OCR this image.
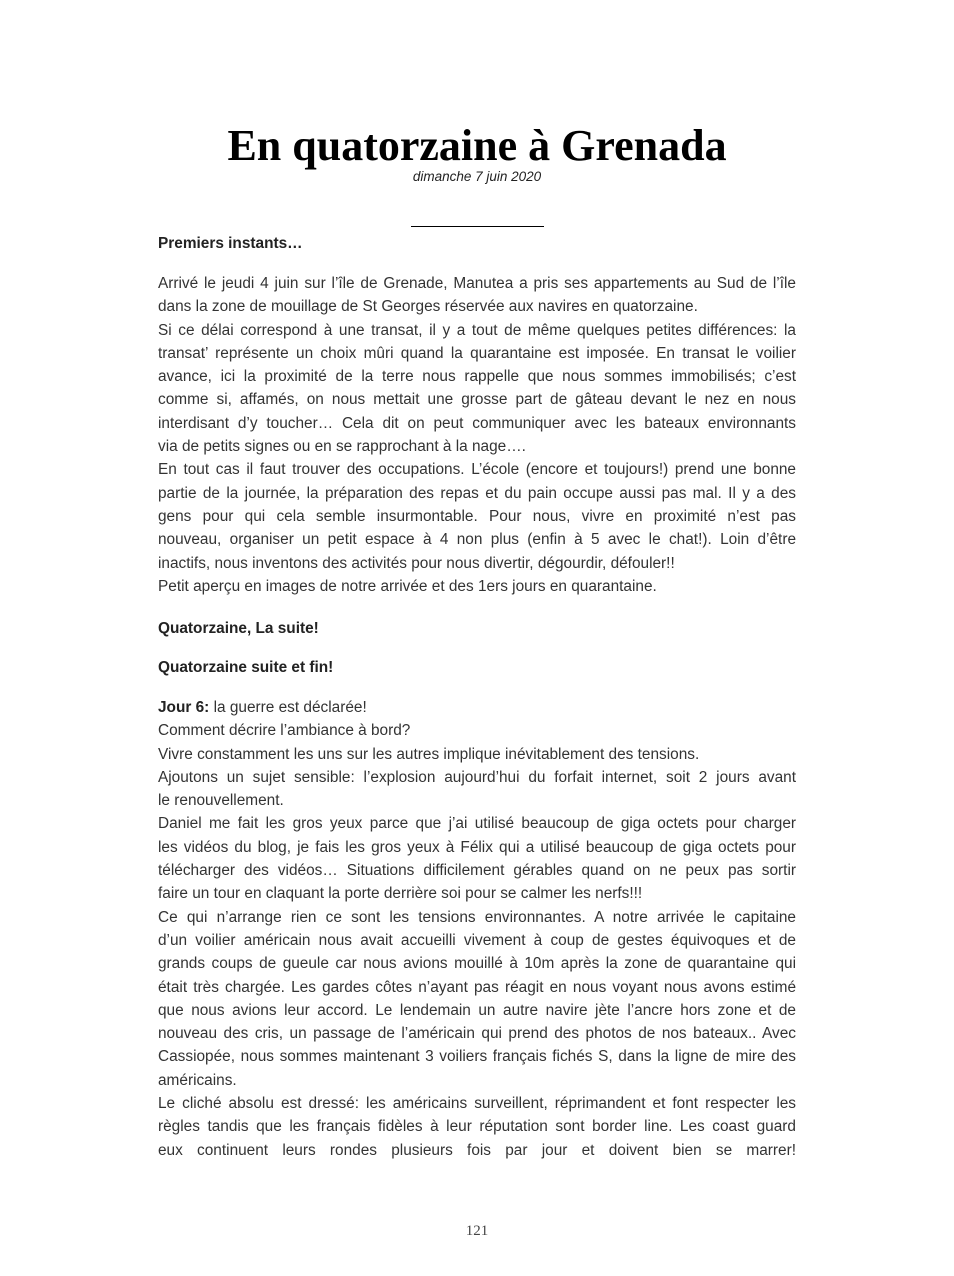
En quatorzaine à Grenada
dimanche 7 juin 2020
Premiers instants…
Arrivé le jeudi 4 juin sur l’île de Grenade, Manutea a pris ses appartements au Sud de l’île
dans la zone de mouillage de St Georges réservée aux navires en quatorzaine.
Si ce délai correspond à une transat, il y a tout de même quelques petites différences: la
transat’ représente un choix mûri quand la quarantaine est imposée. En transat le voilier
avance, ici la proximité de la terre nous rappelle que nous sommes immobilisés; c’est
comme si, affamés, on nous mettait une grosse part de gâteau devant le nez en nous
interdisant d’y toucher… Cela dit on peut communiquer avec les bateaux environnants
via de petits signes ou en se rapprochant à la nage….
En tout cas il faut trouver des occupations. L’école (encore et toujours!) prend une bonne
partie de la journée, la préparation des repas et du pain occupe aussi pas mal. Il y a des
gens pour qui cela semble insurmontable. Pour nous, vivre en proximité n’est pas
nouveau, organiser un petit espace à 4 non plus (enfin à 5 avec le chat!). Loin d’être
inactifs, nous inventons des activités pour nous divertir, dégourdir, défouler!!
Petit aperçu en images de notre arrivée et des 1ers jours en quarantaine.
Quatorzaine, La suite!
Quatorzaine suite et fin!
Jour 6: la guerre est déclarée!
Comment décrire l’ambiance à bord?
Vivre constamment les uns sur les autres implique inévitablement des tensions.
Ajoutons un sujet sensible: l’explosion aujourd’hui du forfait internet, soit 2 jours avant
le renouvellement.
Daniel me fait les gros yeux parce que j’ai utilisé beaucoup de giga octets pour charger
les vidéos du blog, je fais les gros yeux à Félix qui a utilisé beaucoup de giga octets pour
télécharger des vidéos… Situations difficilement gérables quand on ne peux pas sortir
faire un tour en claquant la porte derrière soi pour se calmer les nerfs!!!
Ce qui n’arrange rien ce sont les tensions environnantes. A notre arrivée le capitaine
d’un voilier américain nous avait accueilli vivement à coup de gestes équivoques et de
grands coups de gueule car nous avions mouillé à 10m après la zone de quarantaine qui
était très chargée. Les gardes côtes n’ayant pas réagit en nous voyant nous avons estimé
que nous avions leur accord. Le lendemain un autre navire jète l’ancre hors zone et de
nouveau des cris, un passage de l’américain qui prend des photos de nos bateaux.. Avec
Cassiopée, nous sommes maintenant 3 voiliers français fichés S, dans la ligne de mire des
américains.
Le cliché absolu est dressé: les américains surveillent, réprimandent et font respecter les
règles tandis que les français fidèles à leur réputation sont border line. Les coast guard
eux continuent leurs rondes plusieurs fois par jour et doivent bien se marrer!
121
